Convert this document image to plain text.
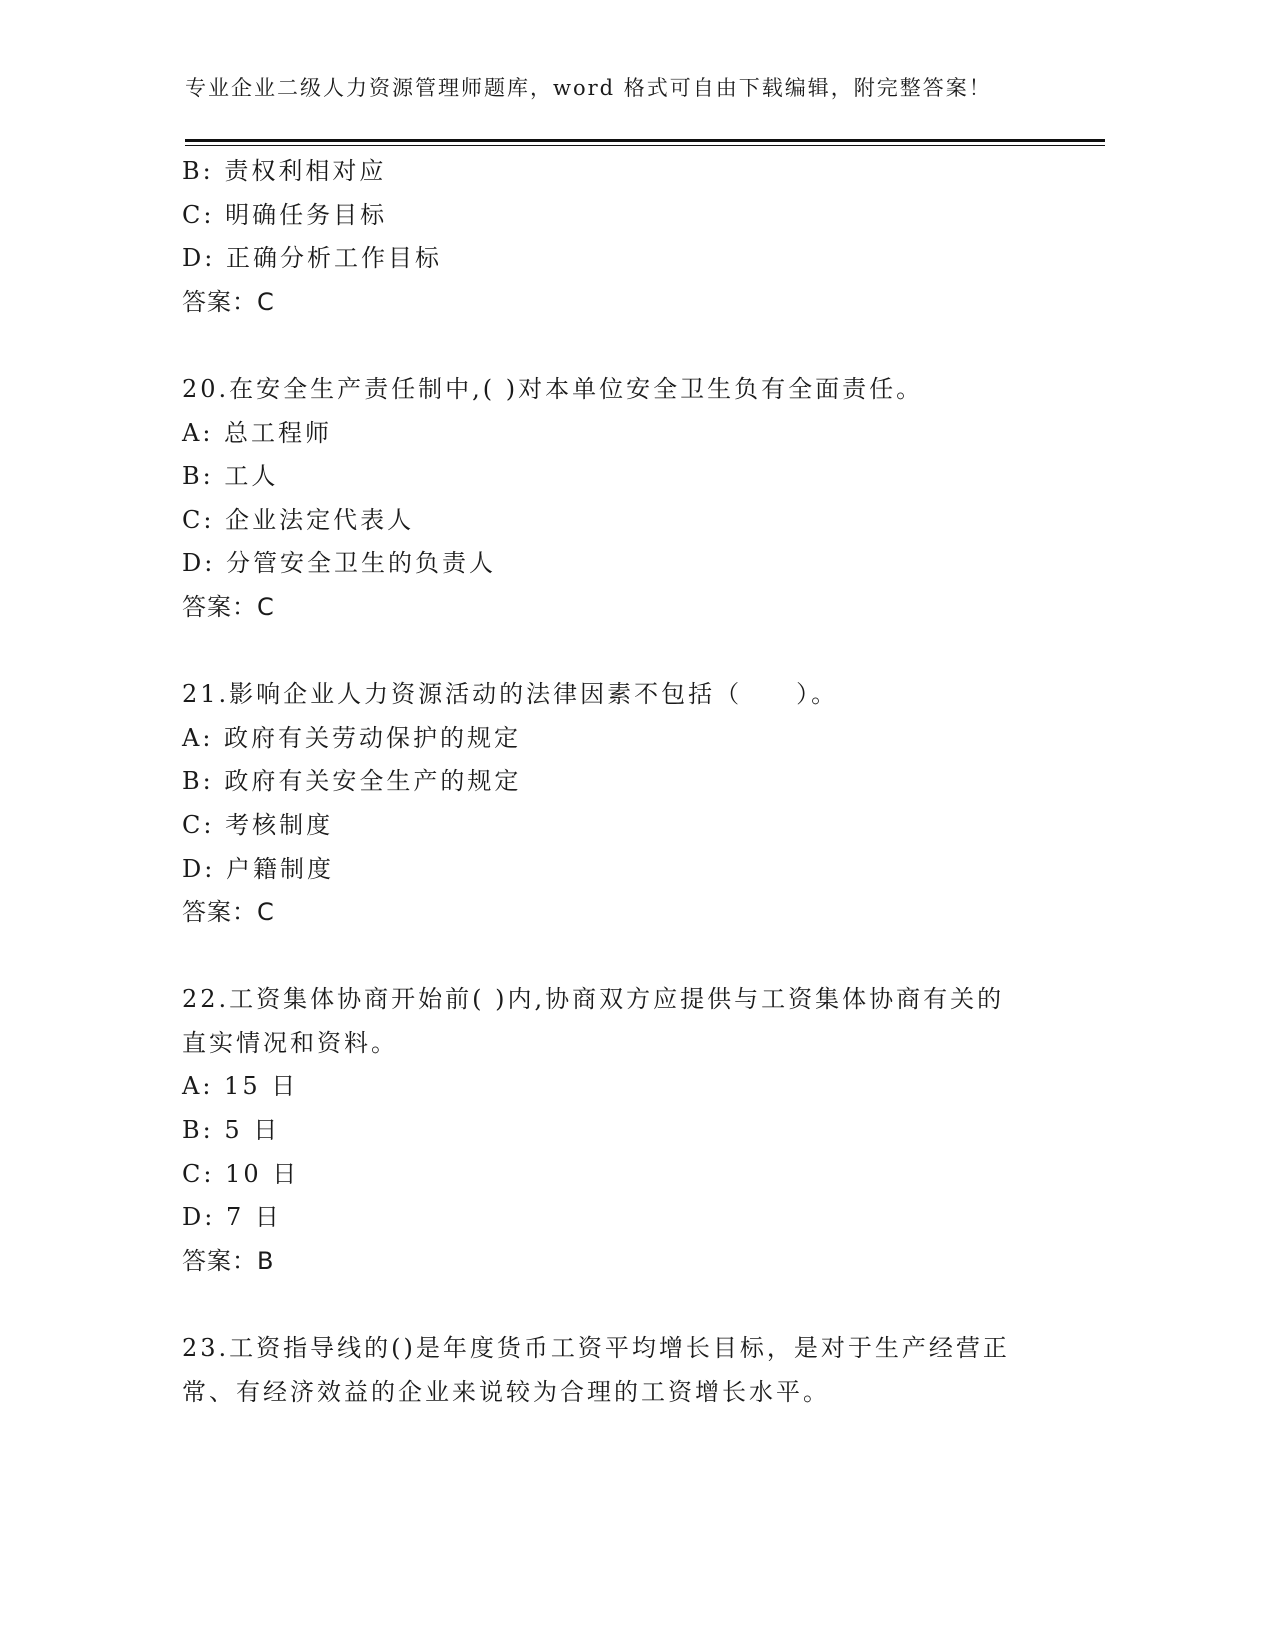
专业企业二级人力资源管理师题库，word 格式可自由下载编辑，附完整答案！
B: 责权利相对应
C: 明确任务目标
D: 正确分析工作目标
答案：C
20.在安全生产责任制中,( )对本单位安全卫生负有全面责任。
A: 总工程师
B: 工人
C: 企业法定代表人
D: 分管安全卫生的负责人
答案：C
21.影响企业人力资源活动的法律因素不包括（　　）。
A: 政府有关劳动保护的规定
B: 政府有关安全生产的规定
C: 考核制度
D: 户籍制度
答案：C
22.工资集体协商开始前( )内,协商双方应提供与工资集体协商有关的
直实情况和资料。
A: 15 日
B: 5 日
C: 10 日
D: 7 日
答案：B
23.工资指导线的()是年度货币工资平均增长目标，是对于生产经营正
常、有经济效益的企业来说较为合理的工资增长水平。
